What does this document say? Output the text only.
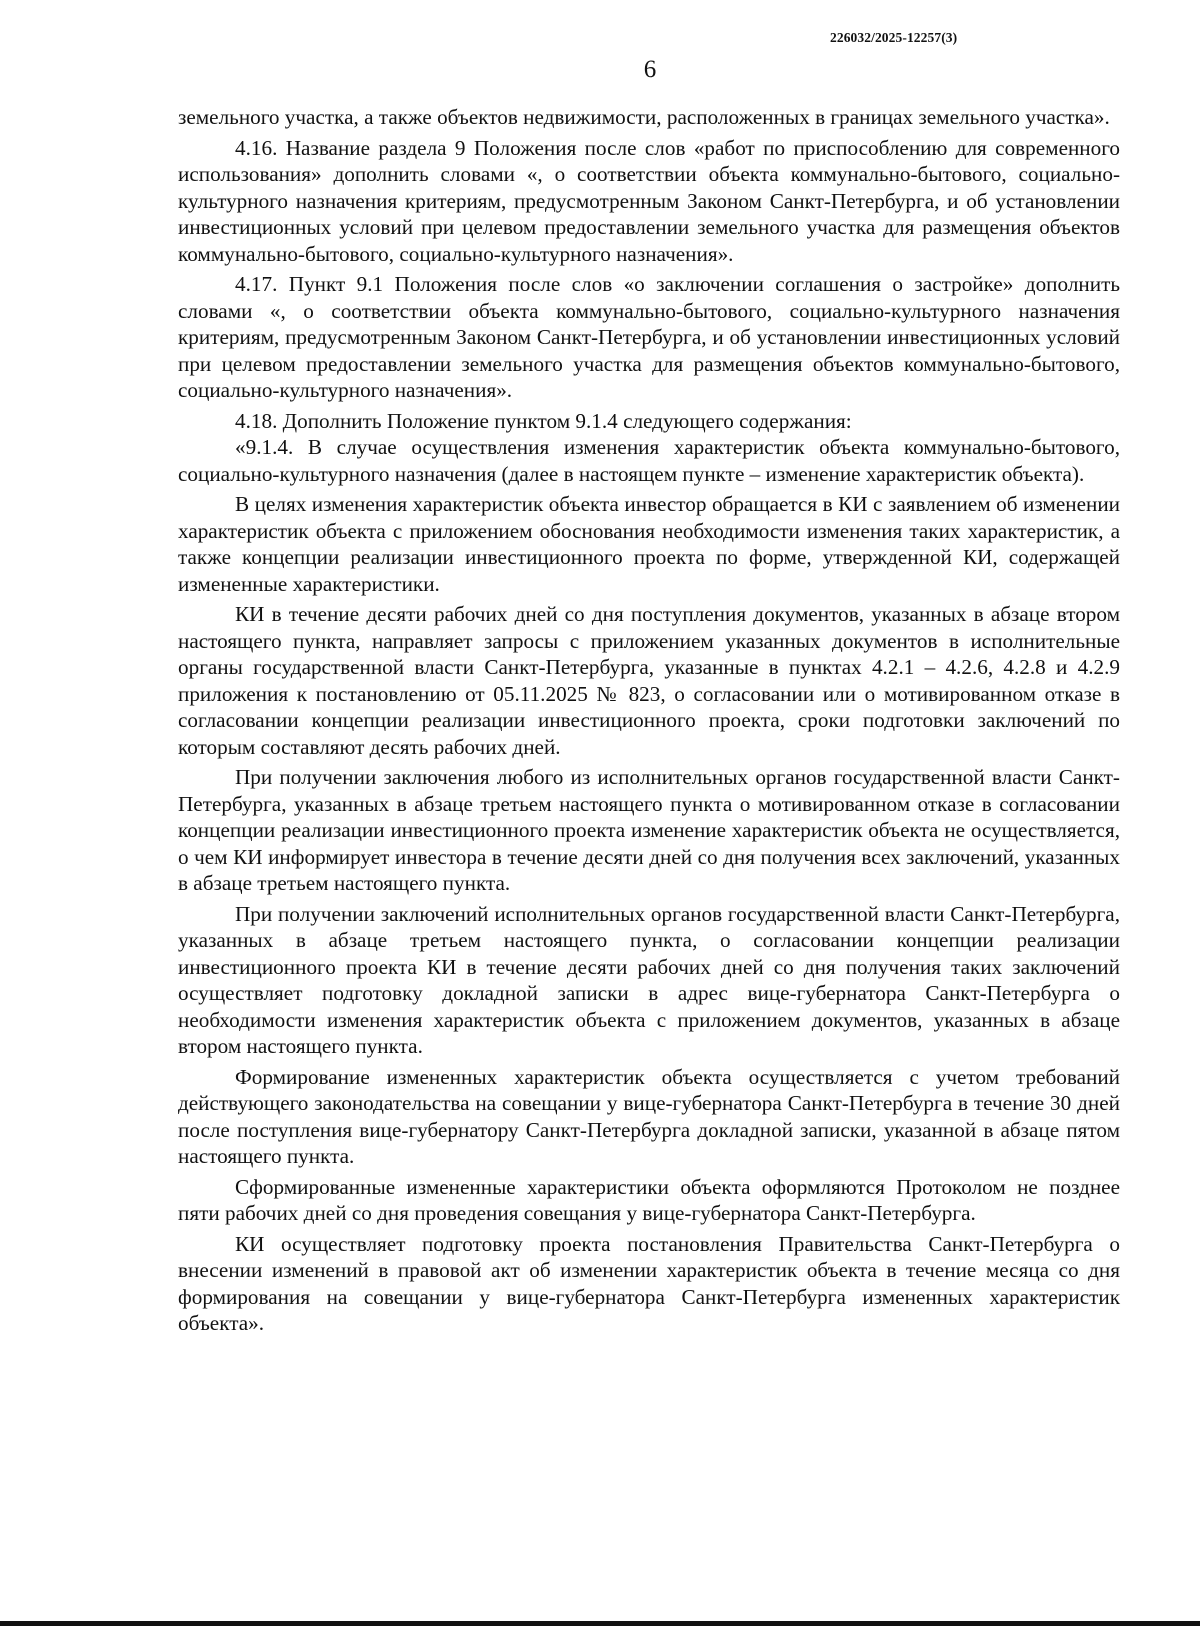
226032/2025-12257(3)
6

земельного участка, а также объектов недвижимости, расположенных в границах земельного участка».

4.16. Название раздела 9 Положения после слов «работ по приспособлению для современного использования» дополнить словами «, о соответствии объекта коммунально-бытового, социально-культурного назначения критериям, предусмотренным Законом Санкт-Петербурга, и об установлении инвестиционных условий при целевом предоставлении земельного участка для размещения объектов коммунально-бытового, социально-культурного назначения».

4.17. Пункт 9.1 Положения после слов «о заключении соглашения о застройке» дополнить словами «, о соответствии объекта коммунально-бытового, социально-культурного назначения критериям, предусмотренным Законом Санкт-Петербурга, и об установлении инвестиционных условий при целевом предоставлении земельного участка для размещения объектов коммунально-бытового, социально-культурного назначения».

4.18. Дополнить Положение пунктом 9.1.4 следующего содержания:

«9.1.4. В случае осуществления изменения характеристик объекта коммунально-бытового, социально-культурного назначения (далее в настоящем пункте – изменение характеристик объекта).

В целях изменения характеристик объекта инвестор обращается в КИ с заявлением об изменении характеристик объекта с приложением обоснования необходимости изменения таких характеристик, а также концепции реализации инвестиционного проекта по форме, утвержденной КИ, содержащей измененные характеристики.

КИ в течение десяти рабочих дней со дня поступления документов, указанных в абзаце втором настоящего пункта, направляет запросы с приложением указанных документов в исполнительные органы государственной власти Санкт-Петербурга, указанные в пунктах 4.2.1 – 4.2.6, 4.2.8 и 4.2.9 приложения к постановлению от 05.11.2025 № 823, о согласовании или о мотивированном отказе в согласовании концепции реализации инвестиционного проекта, сроки подготовки заключений по которым составляют десять рабочих дней.

При получении заключения любого из исполнительных органов государственной власти Санкт-Петербурга, указанных в абзаце третьем настоящего пункта о мотивированном отказе в согласовании концепции реализации инвестиционного проекта изменение характеристик объекта не осуществляется, о чем КИ информирует инвестора в течение десяти дней со дня получения всех заключений, указанных в абзаце третьем настоящего пункта.

При получении заключений исполнительных органов государственной власти Санкт-Петербурга, указанных в абзаце третьем настоящего пункта, о согласовании концепции реализации инвестиционного проекта КИ в течение десяти рабочих дней со дня получения таких заключений осуществляет подготовку докладной записки в адрес вице-губернатора Санкт-Петербурга о необходимости изменения характеристик объекта с приложением документов, указанных в абзаце втором настоящего пункта.

Формирование измененных характеристик объекта осуществляется с учетом требований действующего законодательства на совещании у вице-губернатора Санкт-Петербурга в течение 30 дней после поступления вице-губернатору Санкт-Петербурга докладной записки, указанной в абзаце пятом настоящего пункта.

Сформированные измененные характеристики объекта оформляются Протоколом не позднее пяти рабочих дней со дня проведения совещания у вице-губернатора Санкт-Петербурга.

КИ осуществляет подготовку проекта постановления Правительства Санкт-Петербурга о внесении изменений в правовой акт об изменении характеристик объекта в течение месяца со дня формирования на совещании у вице-губернатора Санкт-Петербурга измененных характеристик объекта».
